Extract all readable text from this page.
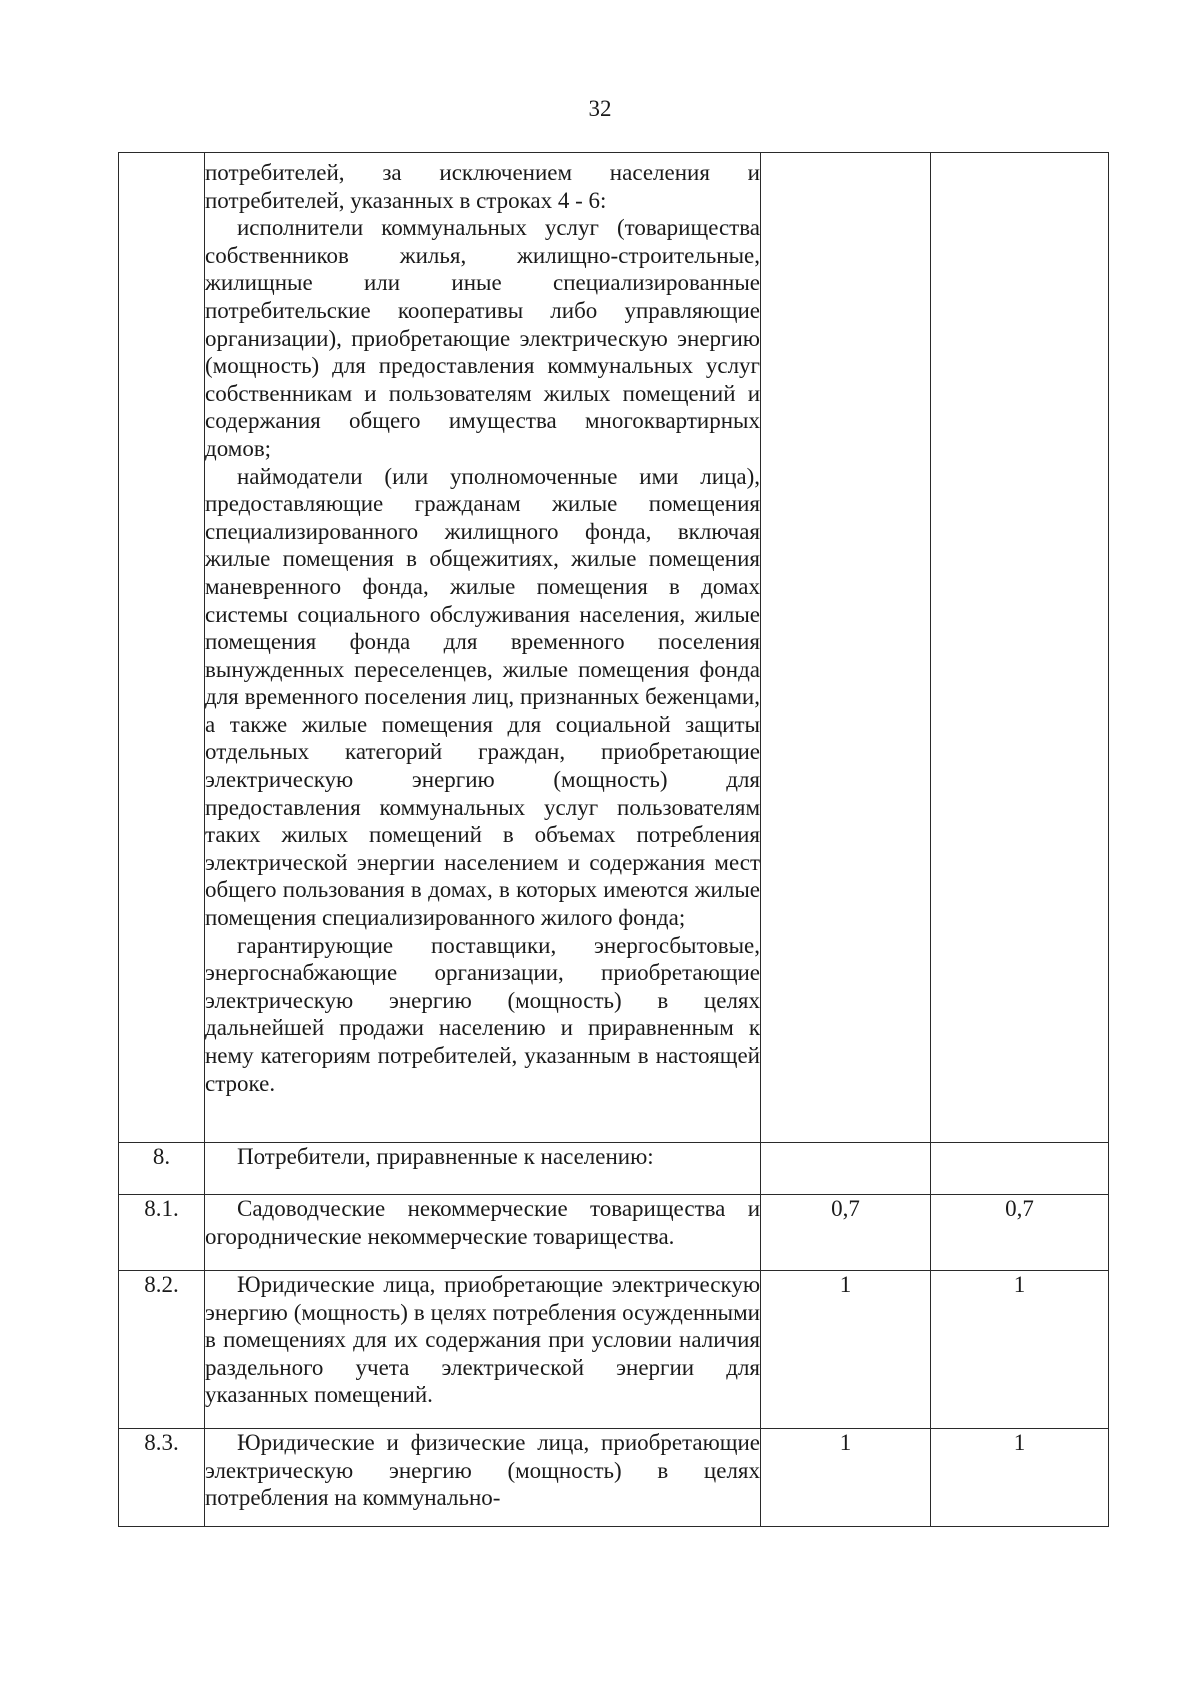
32

	потребителей, за исключением населения и потребителей, указанных в строках 4 - 6:

исполнители коммунальных услуг (товарищества собственников жилья, жилищно-строительные, жилищные или иные специализированные потребительские кооперативы либо управляющие организации), приобретающие электрическую энергию (мощность) для предоставления коммунальных услуг собственникам и пользователям жилых помещений и содержания общего имущества многоквартирных домов;

наймодатели (или уполномоченные ими лица), предоставляющие гражданам жилые помещения специализированного жилищного фонда, включая жилые помещения в общежитиях, жилые помещения маневренного фонда, жилые помещения в домах системы социального обслуживания населения, жилые помещения фонда для временного поселения вынужденных переселенцев, жилые помещения фонда для временного поселения лиц, признанных беженцами, а также жилые помещения для социальной защиты отдельных категорий граждан, приобретающие электрическую энергию (мощность) для предоставления коммунальных услуг пользователям таких жилых помещений в объемах потребления электрической энергии населением и содержания мест общего пользования в домах, в которых имеются жилые помещения специализированного жилого фонда;

гарантирующие поставщики, энергосбытовые, энергоснабжающие организации, приобретающие электрическую энергию (мощность) в целях дальнейшей продажи населению и приравненным к нему категориям потребителей, указанным в настоящей строке.		

8.	Потребители, приравненные к населению:		

8.1.	Садоводческие некоммерческие товарищества и огороднические некоммерческие товарищества.	0,7	0,7
8.2.	Юридические лица, приобретающие электрическую энергию (мощность) в целях потребления осужденными в помещениях для их содержания при условии наличия раздельного учета электрической энергии для указанных помещений.	1	1
8.3.	Юридические и физические лица, приобретающие электрическую энергию (мощность) в целях потребления на коммунально-	1	1
